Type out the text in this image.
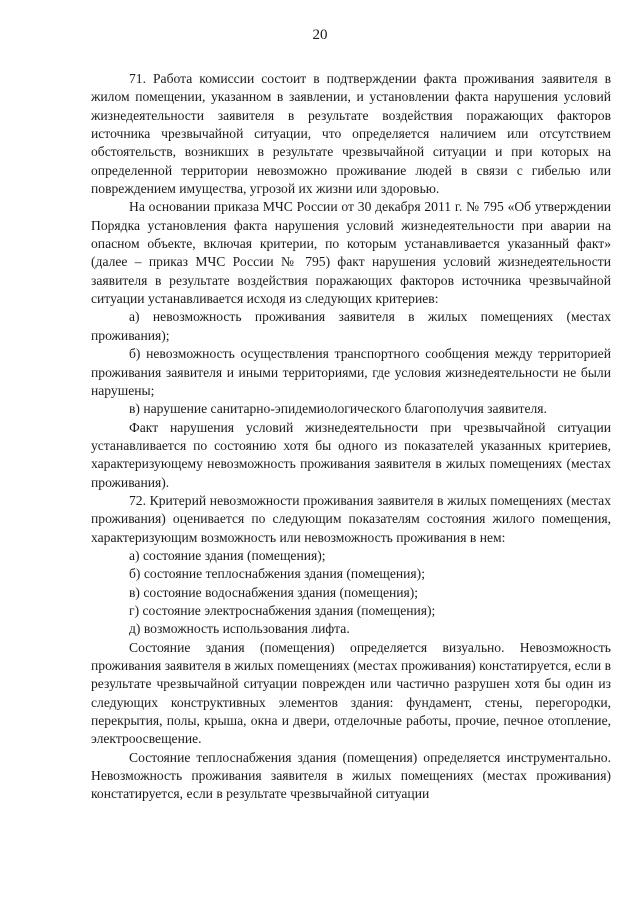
20

71. Работа комиссии состоит в подтверждении факта проживания заявителя в жилом помещении, указанном в заявлении, и установлении факта нарушения условий жизнедеятельности заявителя в результате воздействия поражающих факторов источника чрезвычайной ситуации, что определяется наличием или отсутствием обстоятельств, возникших в результате чрезвычайной ситуации и при которых на определенной территории невозможно проживание людей в связи с гибелью или повреждением имущества, угрозой их жизни или здоровью.

На основании приказа МЧС России от 30 декабря 2011 г. № 795 «Об утверждении Порядка установления факта нарушения условий жизнедеятельности при аварии на опасном объекте, включая критерии, по которым устанавливается указанный факт» (далее – приказ МЧС России № 795) факт нарушения условий жизнедеятельности заявителя в результате воздействия поражающих факторов источника чрезвычайной ситуации устанавливается исходя из следующих критериев:

а) невозможность проживания заявителя в жилых помещениях (местах проживания);

б) невозможность осуществления транспортного сообщения между территорией проживания заявителя и иными территориями, где условия жизнедеятельности не были нарушены;

в) нарушение санитарно-эпидемиологического благополучия заявителя.

Факт нарушения условий жизнедеятельности при чрезвычайной ситуации устанавливается по состоянию хотя бы одного из показателей указанных критериев, характеризующему невозможность проживания заявителя в жилых помещениях (местах проживания).

72. Критерий невозможности проживания заявителя в жилых помещениях (местах проживания) оценивается по следующим показателям состояния жилого помещения, характеризующим возможность или невозможность проживания в нем:

а) состояние здания (помещения);

б) состояние теплоснабжения здания (помещения);

в) состояние водоснабжения здания (помещения);

г) состояние электроснабжения здания (помещения);

д) возможность использования лифта.

Состояние здания (помещения) определяется визуально. Невозможность проживания заявителя в жилых помещениях (местах проживания) констатируется, если в результате чрезвычайной ситуации поврежден или частично разрушен хотя бы один из следующих конструктивных элементов здания: фундамент, стены, перегородки, перекрытия, полы, крыша, окна и двери, отделочные работы, прочие, печное отопление, электроосвещение.

Состояние теплоснабжения здания (помещения) определяется инструментально. Невозможность проживания заявителя в жилых помещениях (местах проживания) констатируется, если в результате чрезвычайной ситуации
